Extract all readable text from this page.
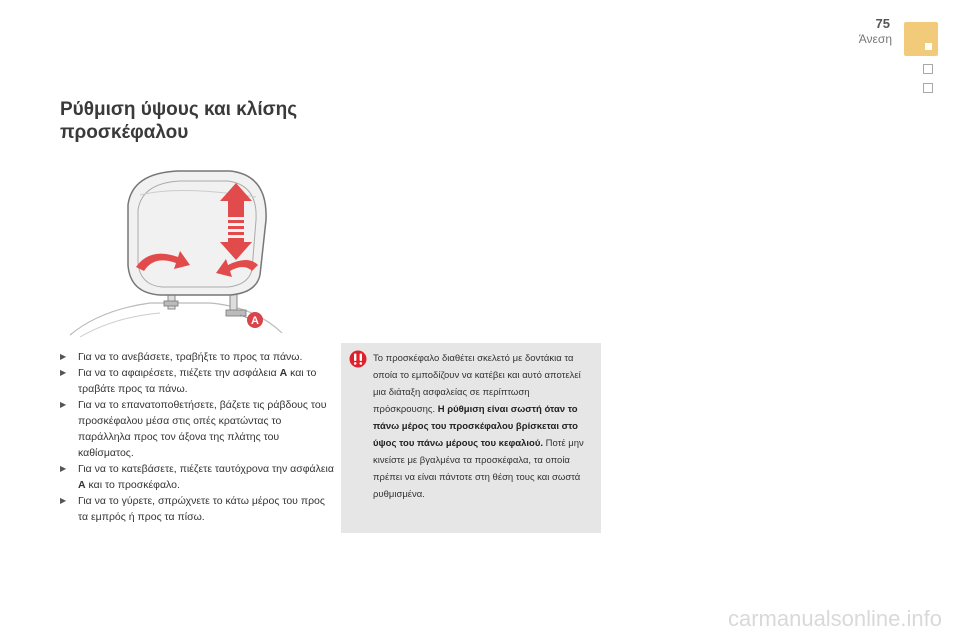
75
Άνεση
Ρύθμιση ύψους και κλίσης προσκέφαλου
A
▶ Για να το ανεβάσετε, τραβήξτε το προς τα πάνω.
▶ Για να το αφαιρέσετε, πιέζετε την ασφάλεια A και το τραβάτε προς τα πάνω.
▶ Για να το επανατοποθετήσετε, βάζετε τις ράβδους του προσκέφαλου μέσα στις οπές κρατώντας το παράλληλα προς τον άξονα της πλάτης του καθίσματος.
▶ Για να το κατεβάσετε, πιέζετε ταυτόχρονα την ασφάλεια A και το προσκέφαλο.
▶ Για να το γύρετε, σπρώχνετε το κάτω μέρος του προς τα εμπρός ή προς τα πίσω.

Το προσκέφαλο διαθέτει σκελετό με δοντάκια τα οποία το εμποδίζουν να κατέβει και αυτό αποτελεί μια διάταξη ασφαλείας σε περίπτωση πρόσκρουσης. Η ρύθμιση είναι σωστή όταν το πάνω μέρος του προσκέφαλου βρίσκεται στο ύψος του πάνω μέρους του κεφαλιού. Ποτέ μην κινείστε με βγαλμένα τα προσκέφαλα, τα οποία πρέπει να είναι πάντοτε στη θέση τους και σωστά ρυθμισμένα.

carmanualsonline.info
